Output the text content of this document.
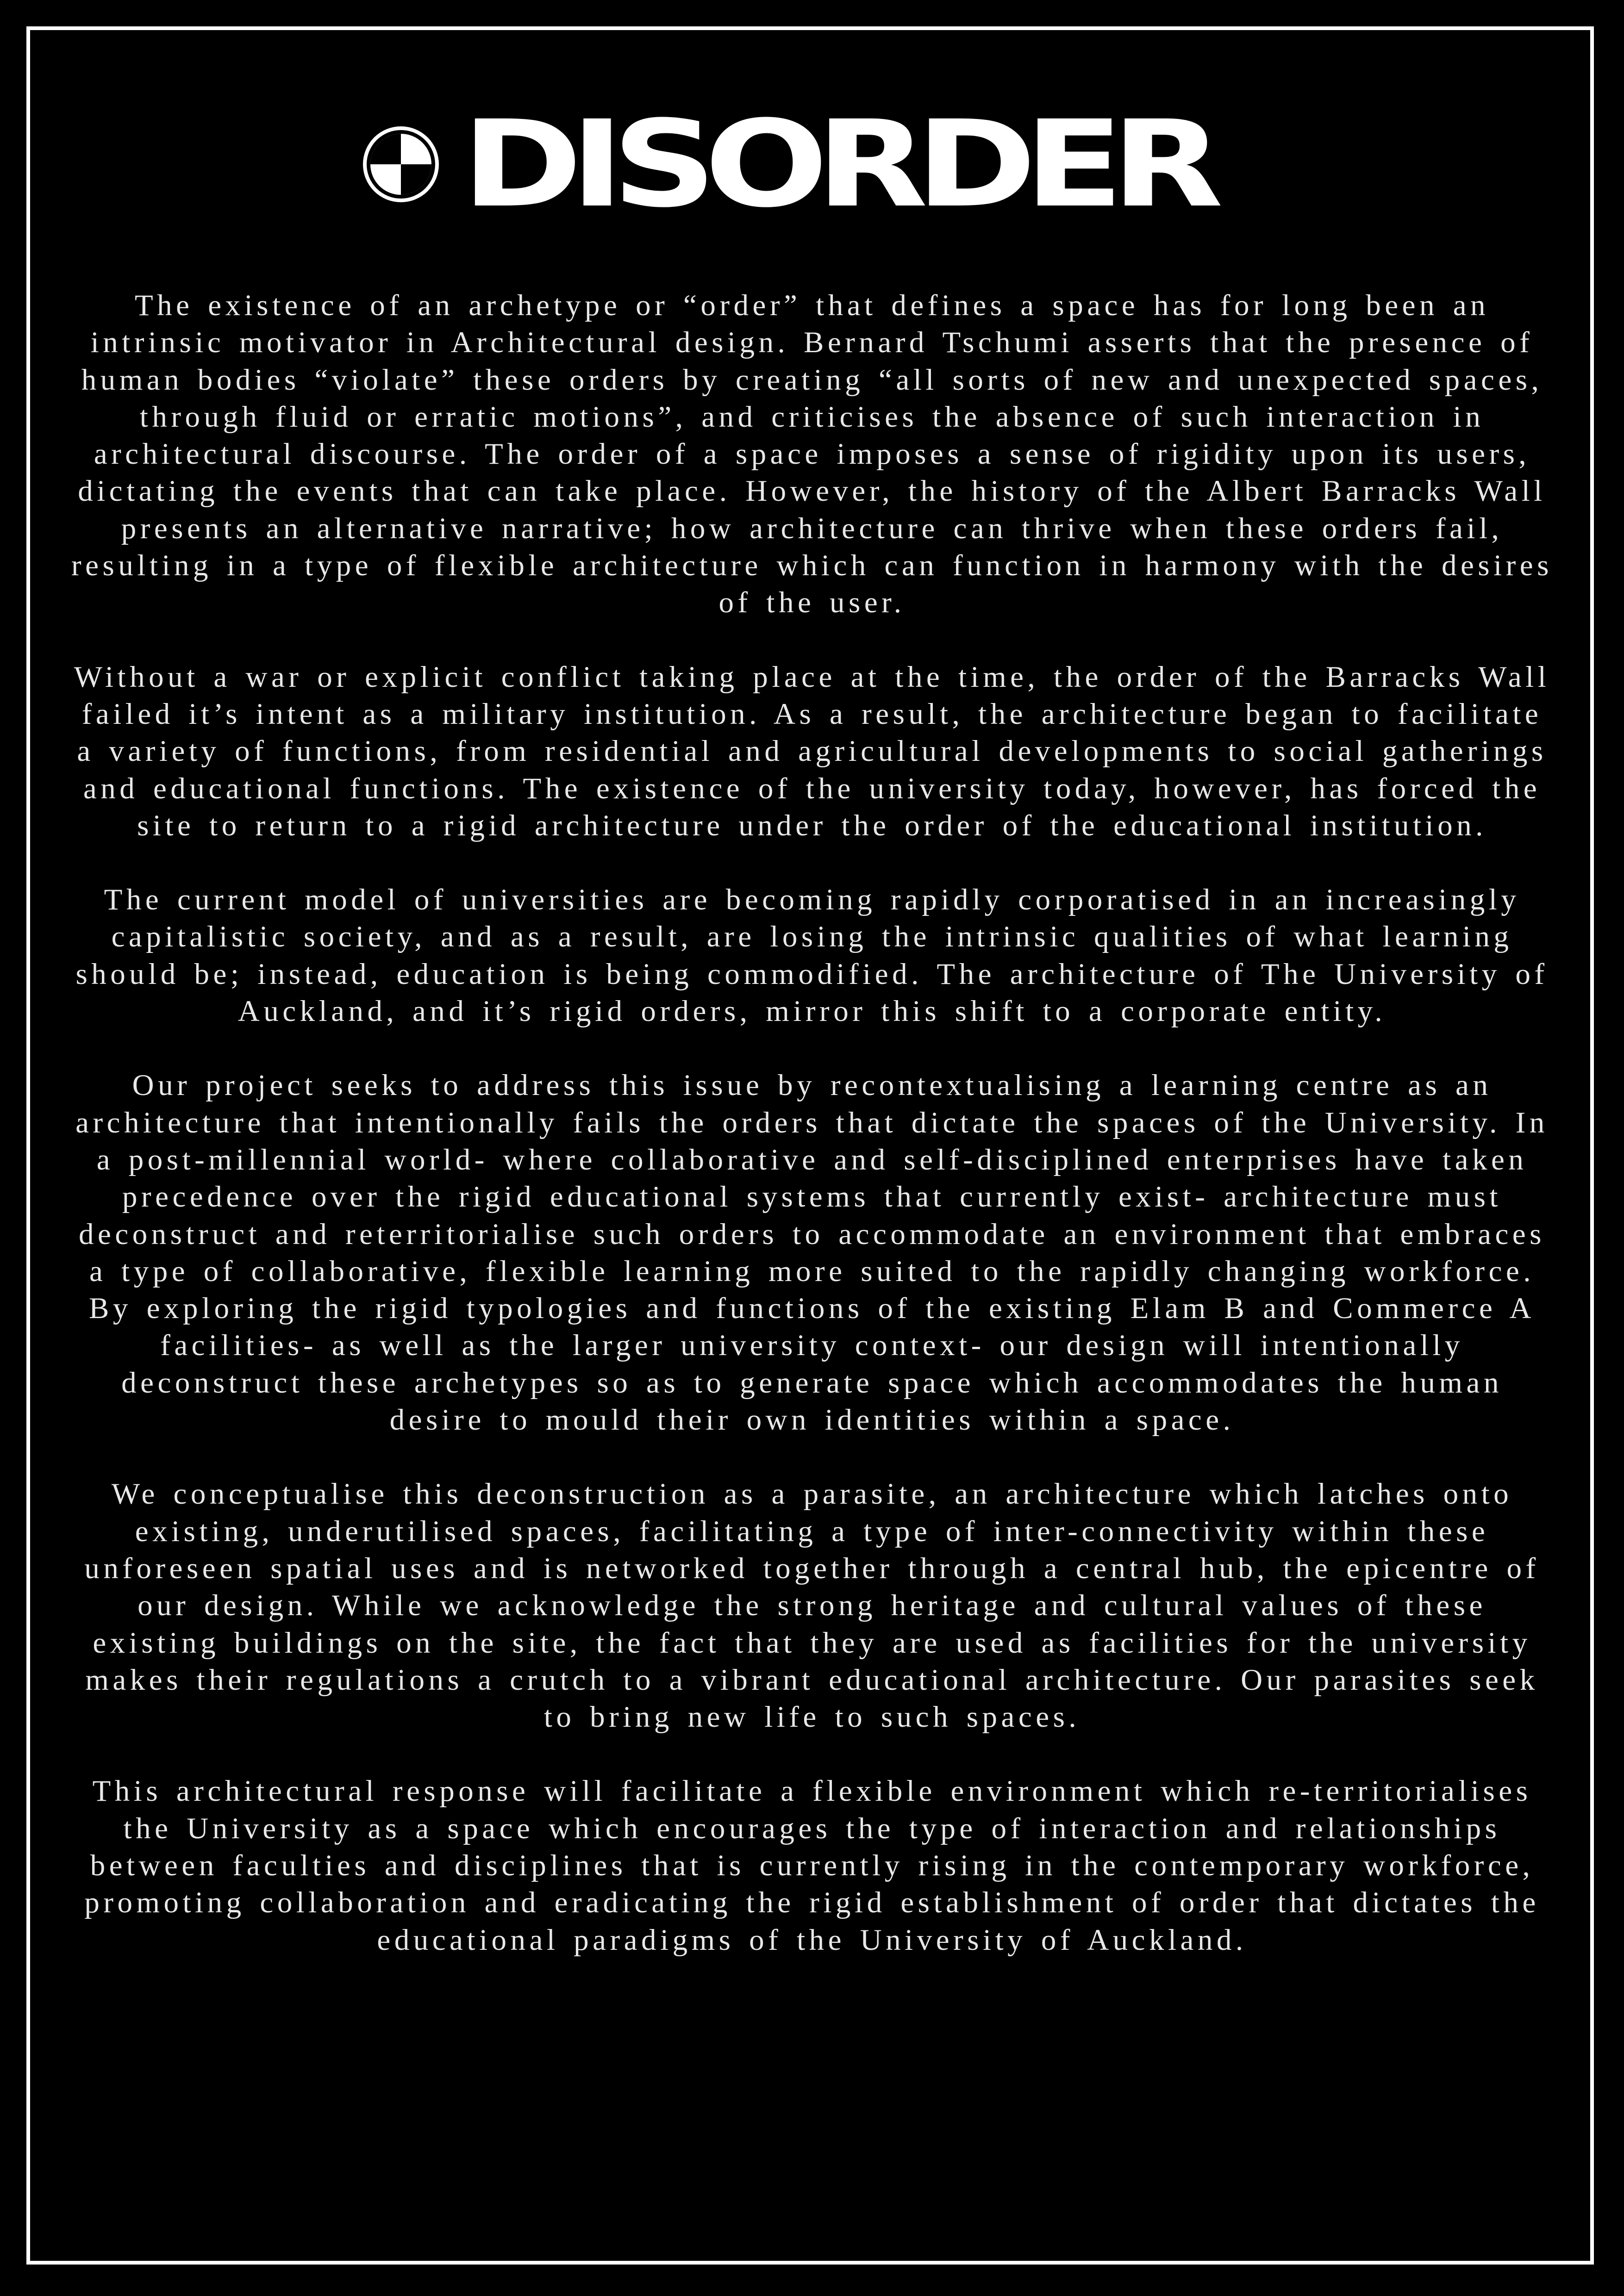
DISORDER

The existence of an archetype or “order” that defines a space has for long been an intrinsic motivator in Architectural design. Bernard Tschumi asserts that the presence of human bodies “violate” these orders by creating “all sorts of new and unexpected spaces, through fluid or erratic motions”, and criticises the absence of such interaction in architectural discourse. The order of a space imposes a sense of rigidity upon its users, dictating the events that can take place. However, the history of the Albert Barracks Wall presents an alternative narrative; how architecture can thrive when these orders fail, resulting in a type of flexible architecture which can function in harmony with the desires of the user.

Without a war or explicit conflict taking place at the time, the order of the Barracks Wall failed it’s intent as a military institution. As a result, the architecture began to facilitate a variety of functions, from residential and agricultural developments to social gatherings and educational functions. The existence of the university today, however, has forced the site to return to a rigid architecture under the order of the educational institution.

The current model of universities are becoming rapidly corporatised in an increasingly capitalistic society, and as a result, are losing the intrinsic qualities of what learning should be; instead, education is being commodified. The architecture of The University of Auckland, and it’s rigid orders, mirror this shift to a corporate entity.

Our project seeks to address this issue by recontextualising a learning centre as an architecture that intentionally fails the orders that dictate the spaces of the University. In a post-millennial world- where collaborative and self-disciplined enterprises have taken precedence over the rigid educational systems that currently exist- architecture must deconstruct and reterritorialise such orders to accommodate an environment that embraces a type of collaborative, flexible learning more suited to the rapidly changing workforce. By exploring the rigid typologies and functions of the existing Elam B and Commerce A facilities- as well as the larger university context- our design will intentionally deconstruct these archetypes so as to generate space which accommodates the human desire to mould their own identities within a space.

We conceptualise this deconstruction as a parasite, an architecture which latches onto existing, underutilised spaces, facilitating a type of inter-connectivity within these unforeseen spatial uses and is networked together through a central hub, the epicentre of our design. While we acknowledge the strong heritage and cultural values of these existing buildings on the site, the fact that they are used as facilities for the university makes their regulations a crutch to a vibrant educational architecture. Our parasites seek to bring new life to such spaces.

This architectural response will facilitate a flexible environment which re-territorialises the University as a space which encourages the type of interaction and relationships between faculties and disciplines that is currently rising in the contemporary workforce, promoting collaboration and eradicating the rigid establishment of order that dictates the educational paradigms of the University of Auckland.
